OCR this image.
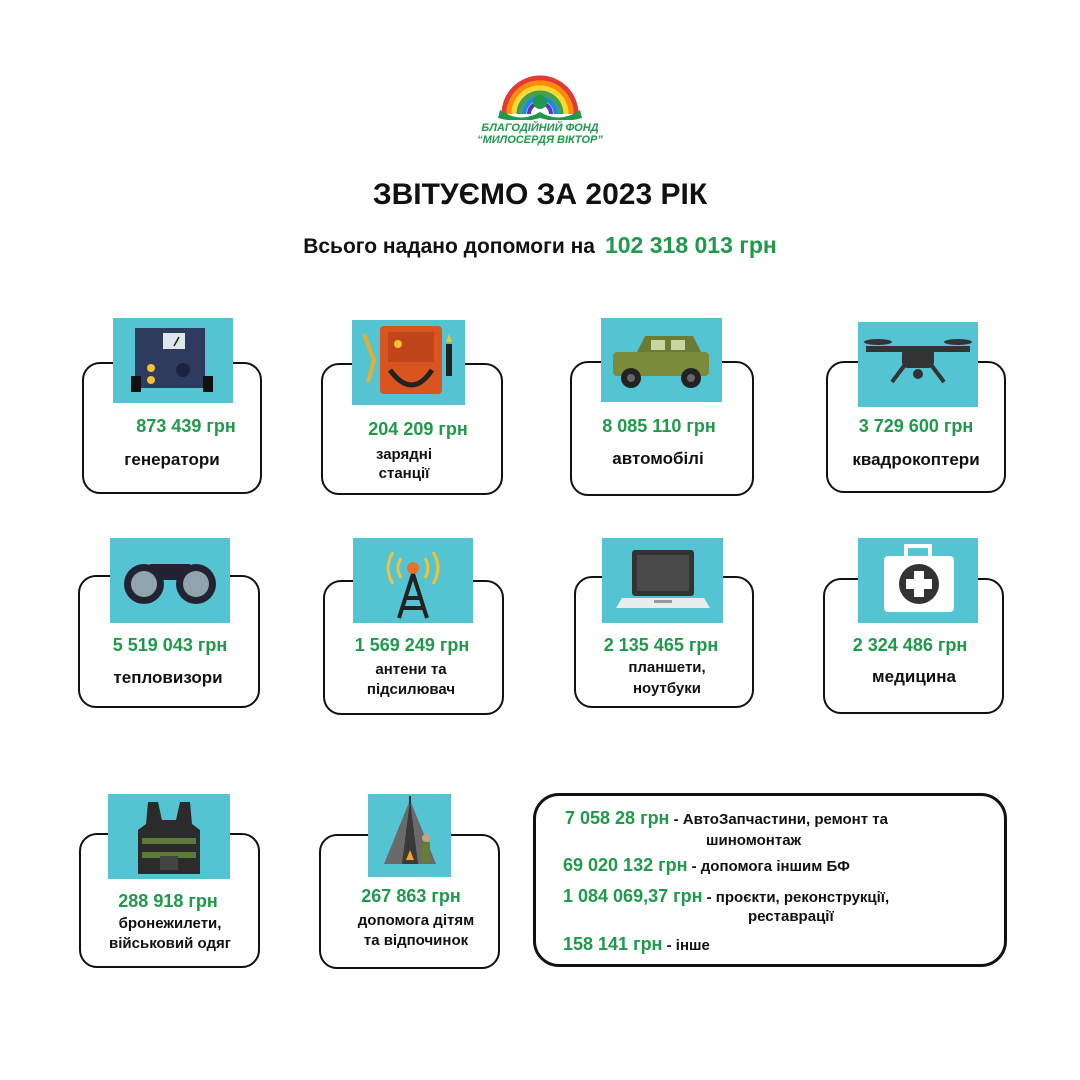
БЛАГОДІЙНИЙ ФОНД
“МИЛОСЕРДЯ ВІКТОР”
ЗВІТУЄМО ЗА 2023 РІК
Всього надано допомоги на 102 318 013 грн
873 439 грн
генератори
204 209 грн
зарядні
станції
8 085 110 грн
автомобілі
3 729 600 грн
квадрокоптери
5 519 043 грн
тепловизори
1 569 249 грн
антени та
підсилювач
2 135 465 грн
планшети,
ноутбуки
2 324 486 грн
медицина
288 918 грн
бронежилети,
військовий одяг
267 863 грн
допомога дітям
та відпочинок
7 058 28 грн - АвтоЗапчастини, ремонт та
шиномонтаж
69 020 132 грн - допомога іншим БФ
1 084 069,37 грн - проєкти, реконструкції,
реставрації
158 141 грн - інше
